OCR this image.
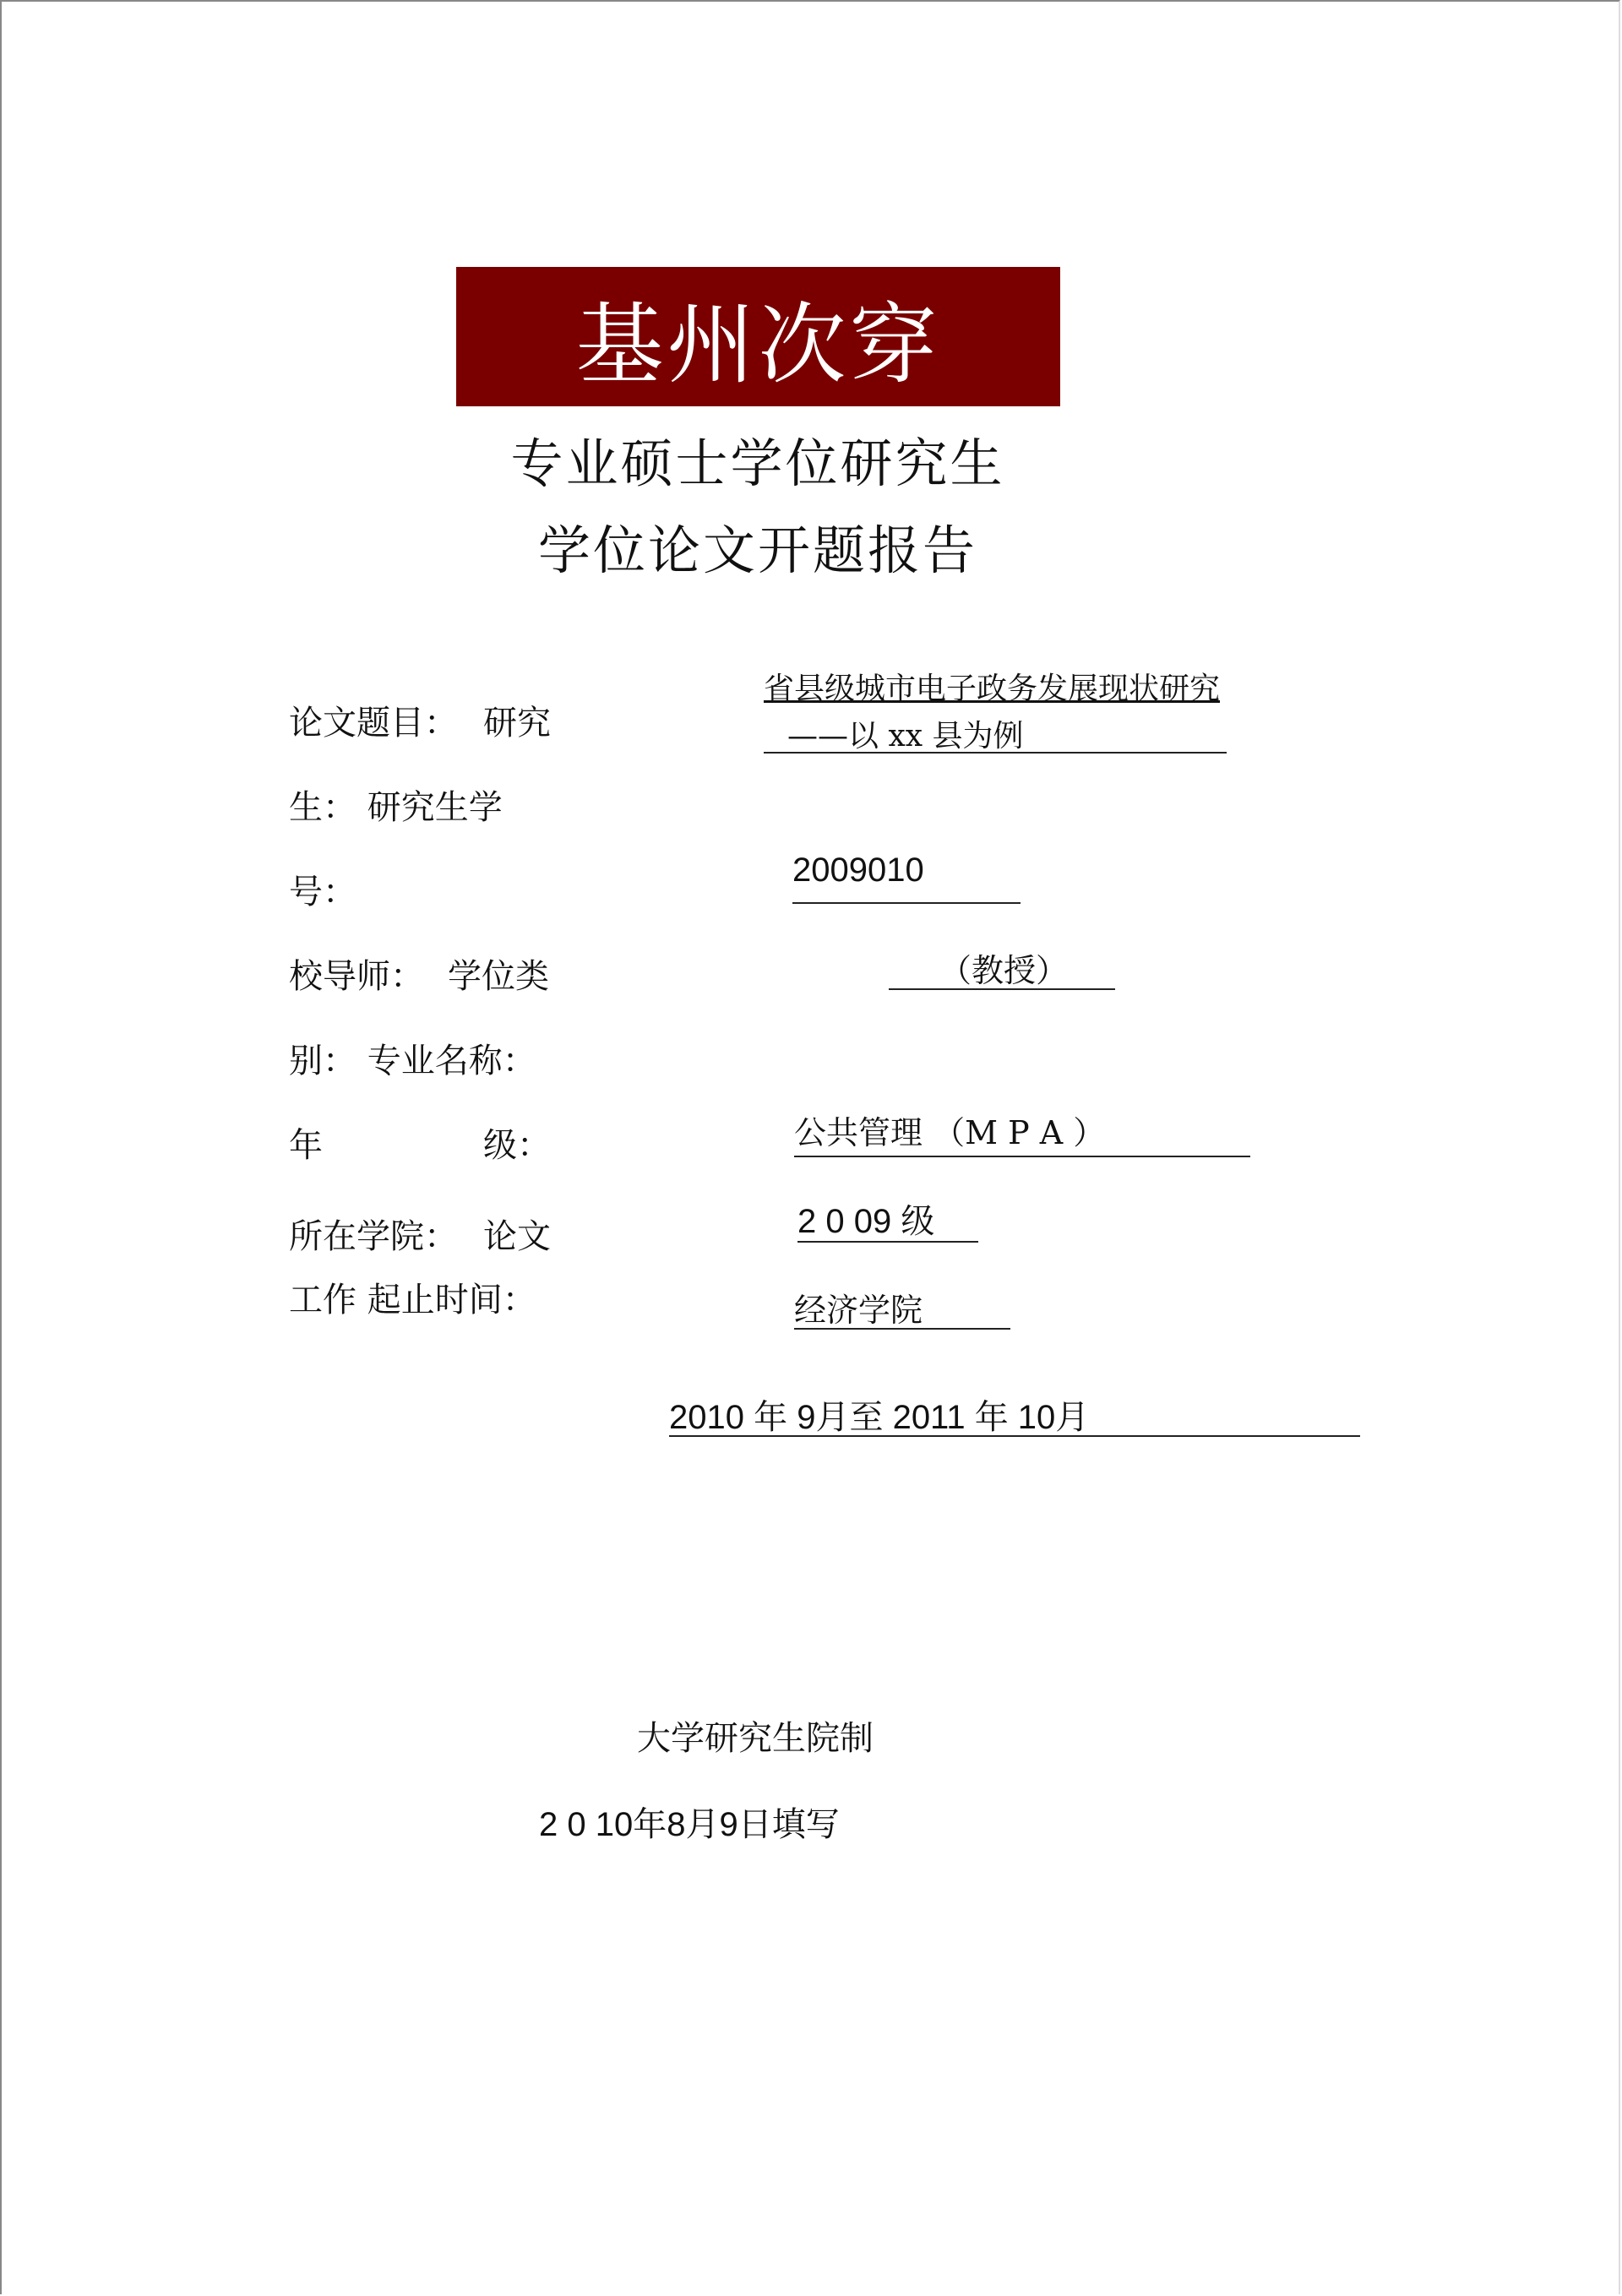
基州次穿
专业硕士学位研究生
学位论文开题报告
论文题目： 研究
生： 研究生学
号：
校导师： 学位类
别： 专业名称：
年	级：
所在学院： 论文
工作 起止时间：
省县级城市电子政务发展现状研究
——以 xx 县为例
2009010
（教授）
公共管理 （M P A ）
2 0 09 级
经济学院
2010 年 9月至 2011 年 10月
大学研究生院制
2 0 10年8月9日填写
